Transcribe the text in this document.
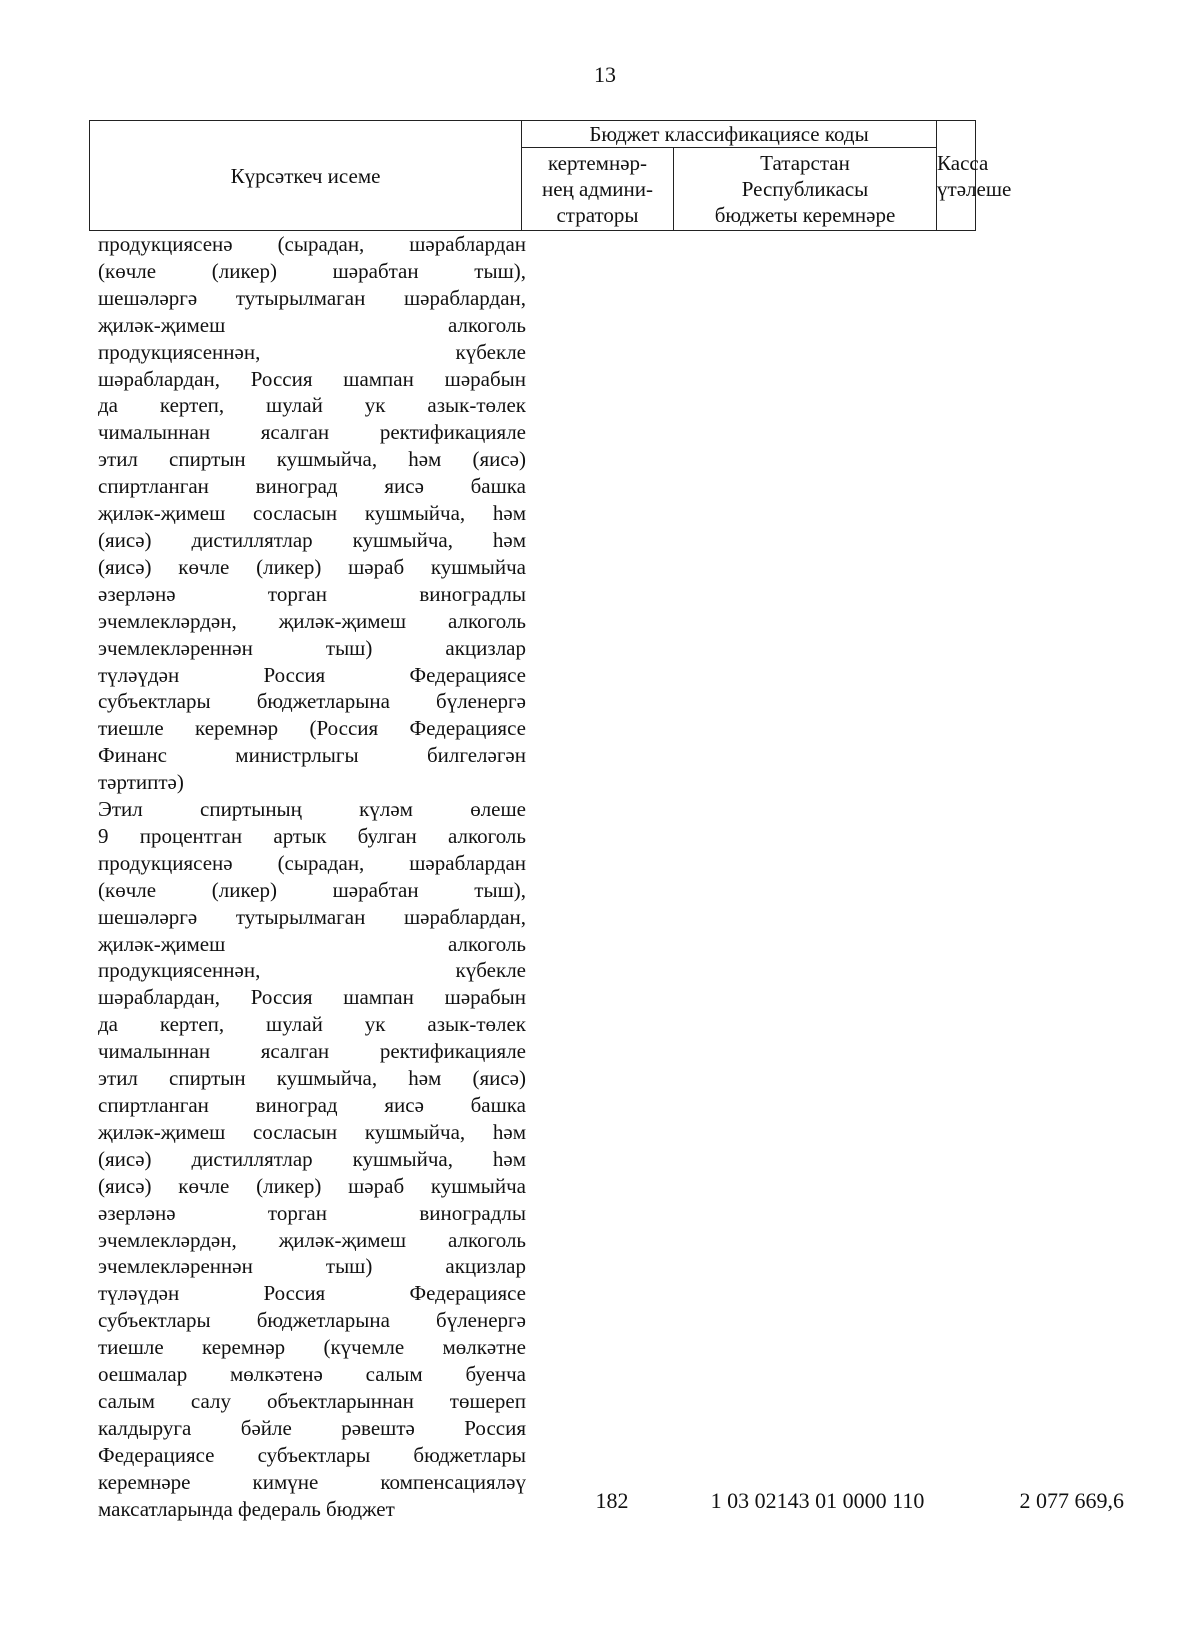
13
Күрсәткеч исеме	Бюджет классификациясе коды		Касса
үтәлеше
	кертемнәр-
нең админи-
страторы	Татарстан
Республикасы
бюджеты керемнәре	

продукциясенә (сырадан, шәраблардан
(көчле (ликер) шәрабтан тыш),
шешәләргә тутырылмаган шәраблардан,
җиләк-җимеш алкоголь
продукциясеннән, күбекле
шәраблардан, Россия шампан шәрабын
да кертеп, шулай ук азык-төлек
чималыннан ясалган ректификацияле
этил спиртын кушмыйча, һәм (яисә)
спиртланган виноград яисә башка
җиләк-җимеш сосласын кушмыйча, һәм
(яисә) дистиллятлар кушмыйча, һәм
(яисә) көчле (ликер) шәраб кушмыйча
әзерләнә торган виноградлы
эчемлекләрдән, җиләк-җимеш алкоголь
эчемлекләреннән тыш) акцизлар
түләүдән Россия Федерациясе
субъектлары бюджетларына бүленергә
тиешле керемнәр (Россия Федерациясе
Финанс министрлыгы билгеләгән
тәртиптә)

Этил спиртының күләм өлеше
9 процентган артык булган алкоголь
продукциясенә (сырадан, шәраблардан
(көчле (ликер) шәрабтан тыш),
шешәләргә тутырылмаган шәраблардан,
җиләк-җимеш алкоголь
продукциясеннән, күбекле
шәраблардан, Россия шампан шәрабын
да кертеп, шулай ук азык-төлек
чималыннан ясалган ректификацияле
этил спиртын кушмыйча, һәм (яисә)
спиртланган виноград яисә башка
җиләк-җимеш сосласын кушмыйча, һәм
(яисә) дистиллятлар кушмыйча, һәм
(яисә) көчле (ликер) шәраб кушмыйча
әзерләнә торган виноградлы
эчемлекләрдән, җиләк-җимеш алкоголь
эчемлекләреннән тыш) акцизлар
түләүдән Россия Федерациясе
субъектлары бюджетларына бүленергә
тиешле керемнәр (күчемле мөлкәтне
оешмалар мөлкәтенә салым буенча
салым салу объектларыннан төшереп
калдыруга бәйле рәвештә Россия
Федерациясе субъектлары бюджетлары
керемнәре кимүне компенсацияләү
максатларында федераль бюджет	182	1 03 02143 01 0000 110	2 077 669,6
